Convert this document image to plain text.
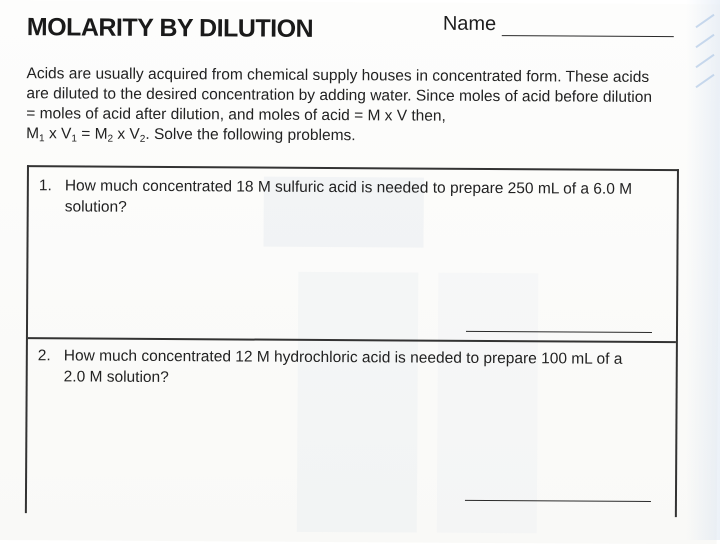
MOLARITY BY DILUTION	Name

Acids are usually acquired from chemical supply houses in concentrated form. These acids are diluted to the desired concentration by adding water. Since moles of acid before dilution = moles of acid after dilution, and moles of acid = M x V then,
$M_1$ x $V_1 = M_2$ x $V_2$. Solve the following problems.

1. How much concentrated 18 M sulfuric acid is needed to prepare 250 mL of a 6.0 M solution?
2. How much concentrated 12 M hydrochloric acid is needed to prepare 100 mL of a 2.0 M solution?
